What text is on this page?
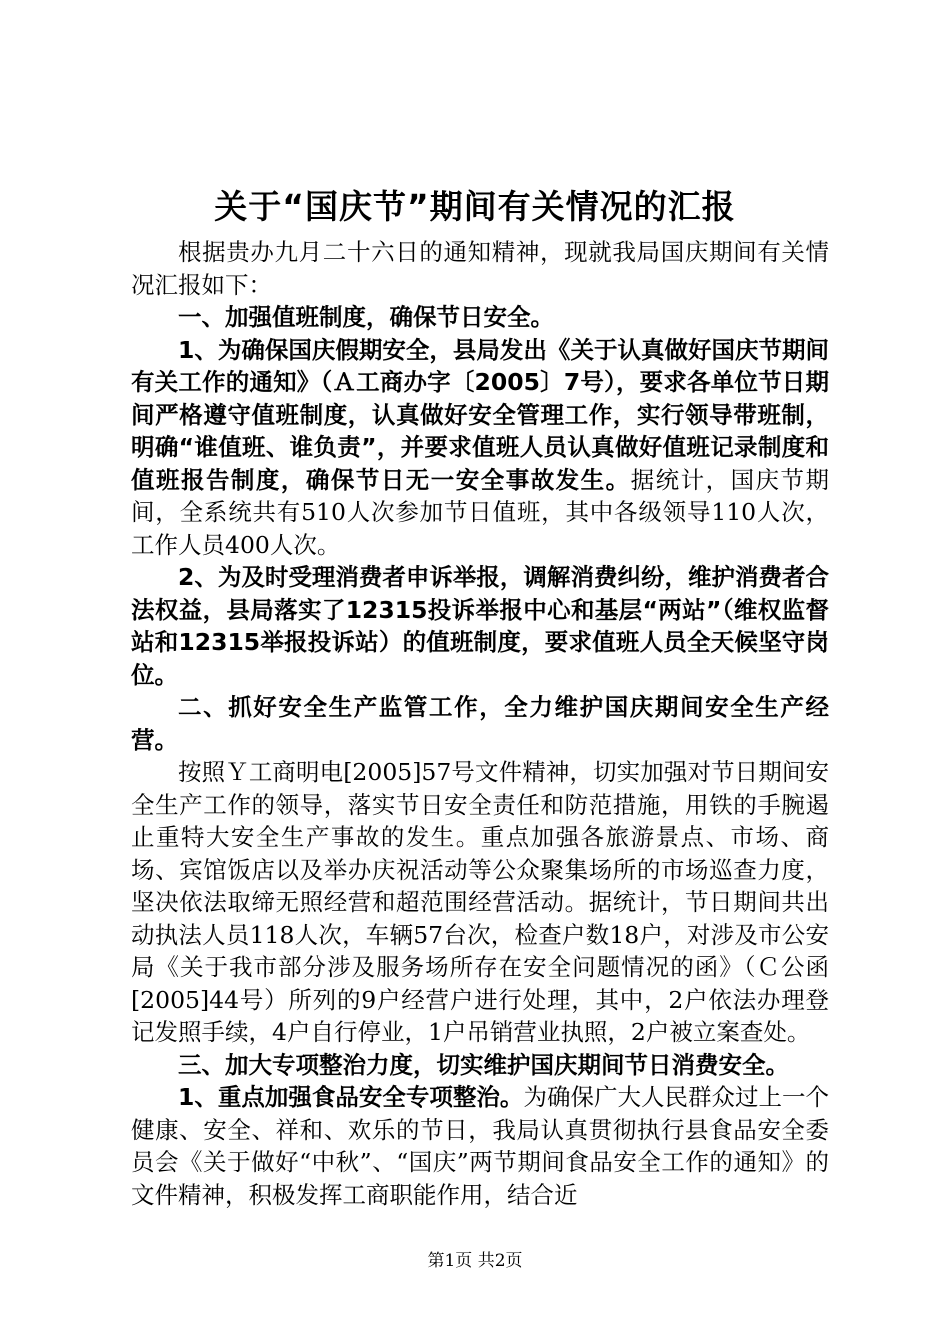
关于“国庆节”期间有关情况的汇报

根据贵办九月二十六日的通知精神，现就我局国庆期间有关情况汇报如下：

一、加强值班制度，确保节日安全。

1、为确保国庆假期安全，县局发出《关于认真做好国庆节期间有关工作的通知》（Ａ工商办字〔2005〕7号），要求各单位节日期间严格遵守值班制度，认真做好安全管理工作，实行领导带班制，明确“谁值班、谁负责”，并要求值班人员认真做好值班记录制度和值班报告制度，确保节日无一安全事故发生。据统计，国庆节期间，全系统共有510人次参加节日值班，其中各级领导110人次，工作人员400人次。

2、为及时受理消费者申诉举报，调解消费纠纷，维护消费者合法权益，县局落实了12315投诉举报中心和基层“两站”（维权监督站和12315举报投诉站）的值班制度，要求值班人员全天候坚守岗位。

二、抓好安全生产监管工作，全力维护国庆期间安全生产经营。

按照Ｙ工商明电[2005]57号文件精神，切实加强对节日期间安全生产工作的领导，落实节日安全责任和防范措施，用铁的手腕遏止重特大安全生产事故的发生。重点加强各旅游景点、市场、商场、宾馆饭店以及举办庆祝活动等公众聚集场所的市场巡查力度，坚决依法取缔无照经营和超范围经营活动。据统计，节日期间共出动执法人员118人次，车辆57台次，检查户数18户，对涉及市公安局《关于我市部分涉及服务场所存在安全问题情况的函》（Ｃ公函[2005]44号）所列的9户经营户进行处理，其中，2户依法办理登记发照手续，4户自行停业，1户吊销营业执照，2户被立案查处。

三、加大专项整治力度，切实维护国庆期间节日消费安全。

1、重点加强食品安全专项整治。为确保广大人民群众过上一个健康、安全、祥和、欢乐的节日，我局认真贯彻执行县食品安全委员会《关于做好“中秋”、“国庆”两节期间食品安全工作的通知》的文件精神，积极发挥工商职能作用，结合近

第1页 共2页
